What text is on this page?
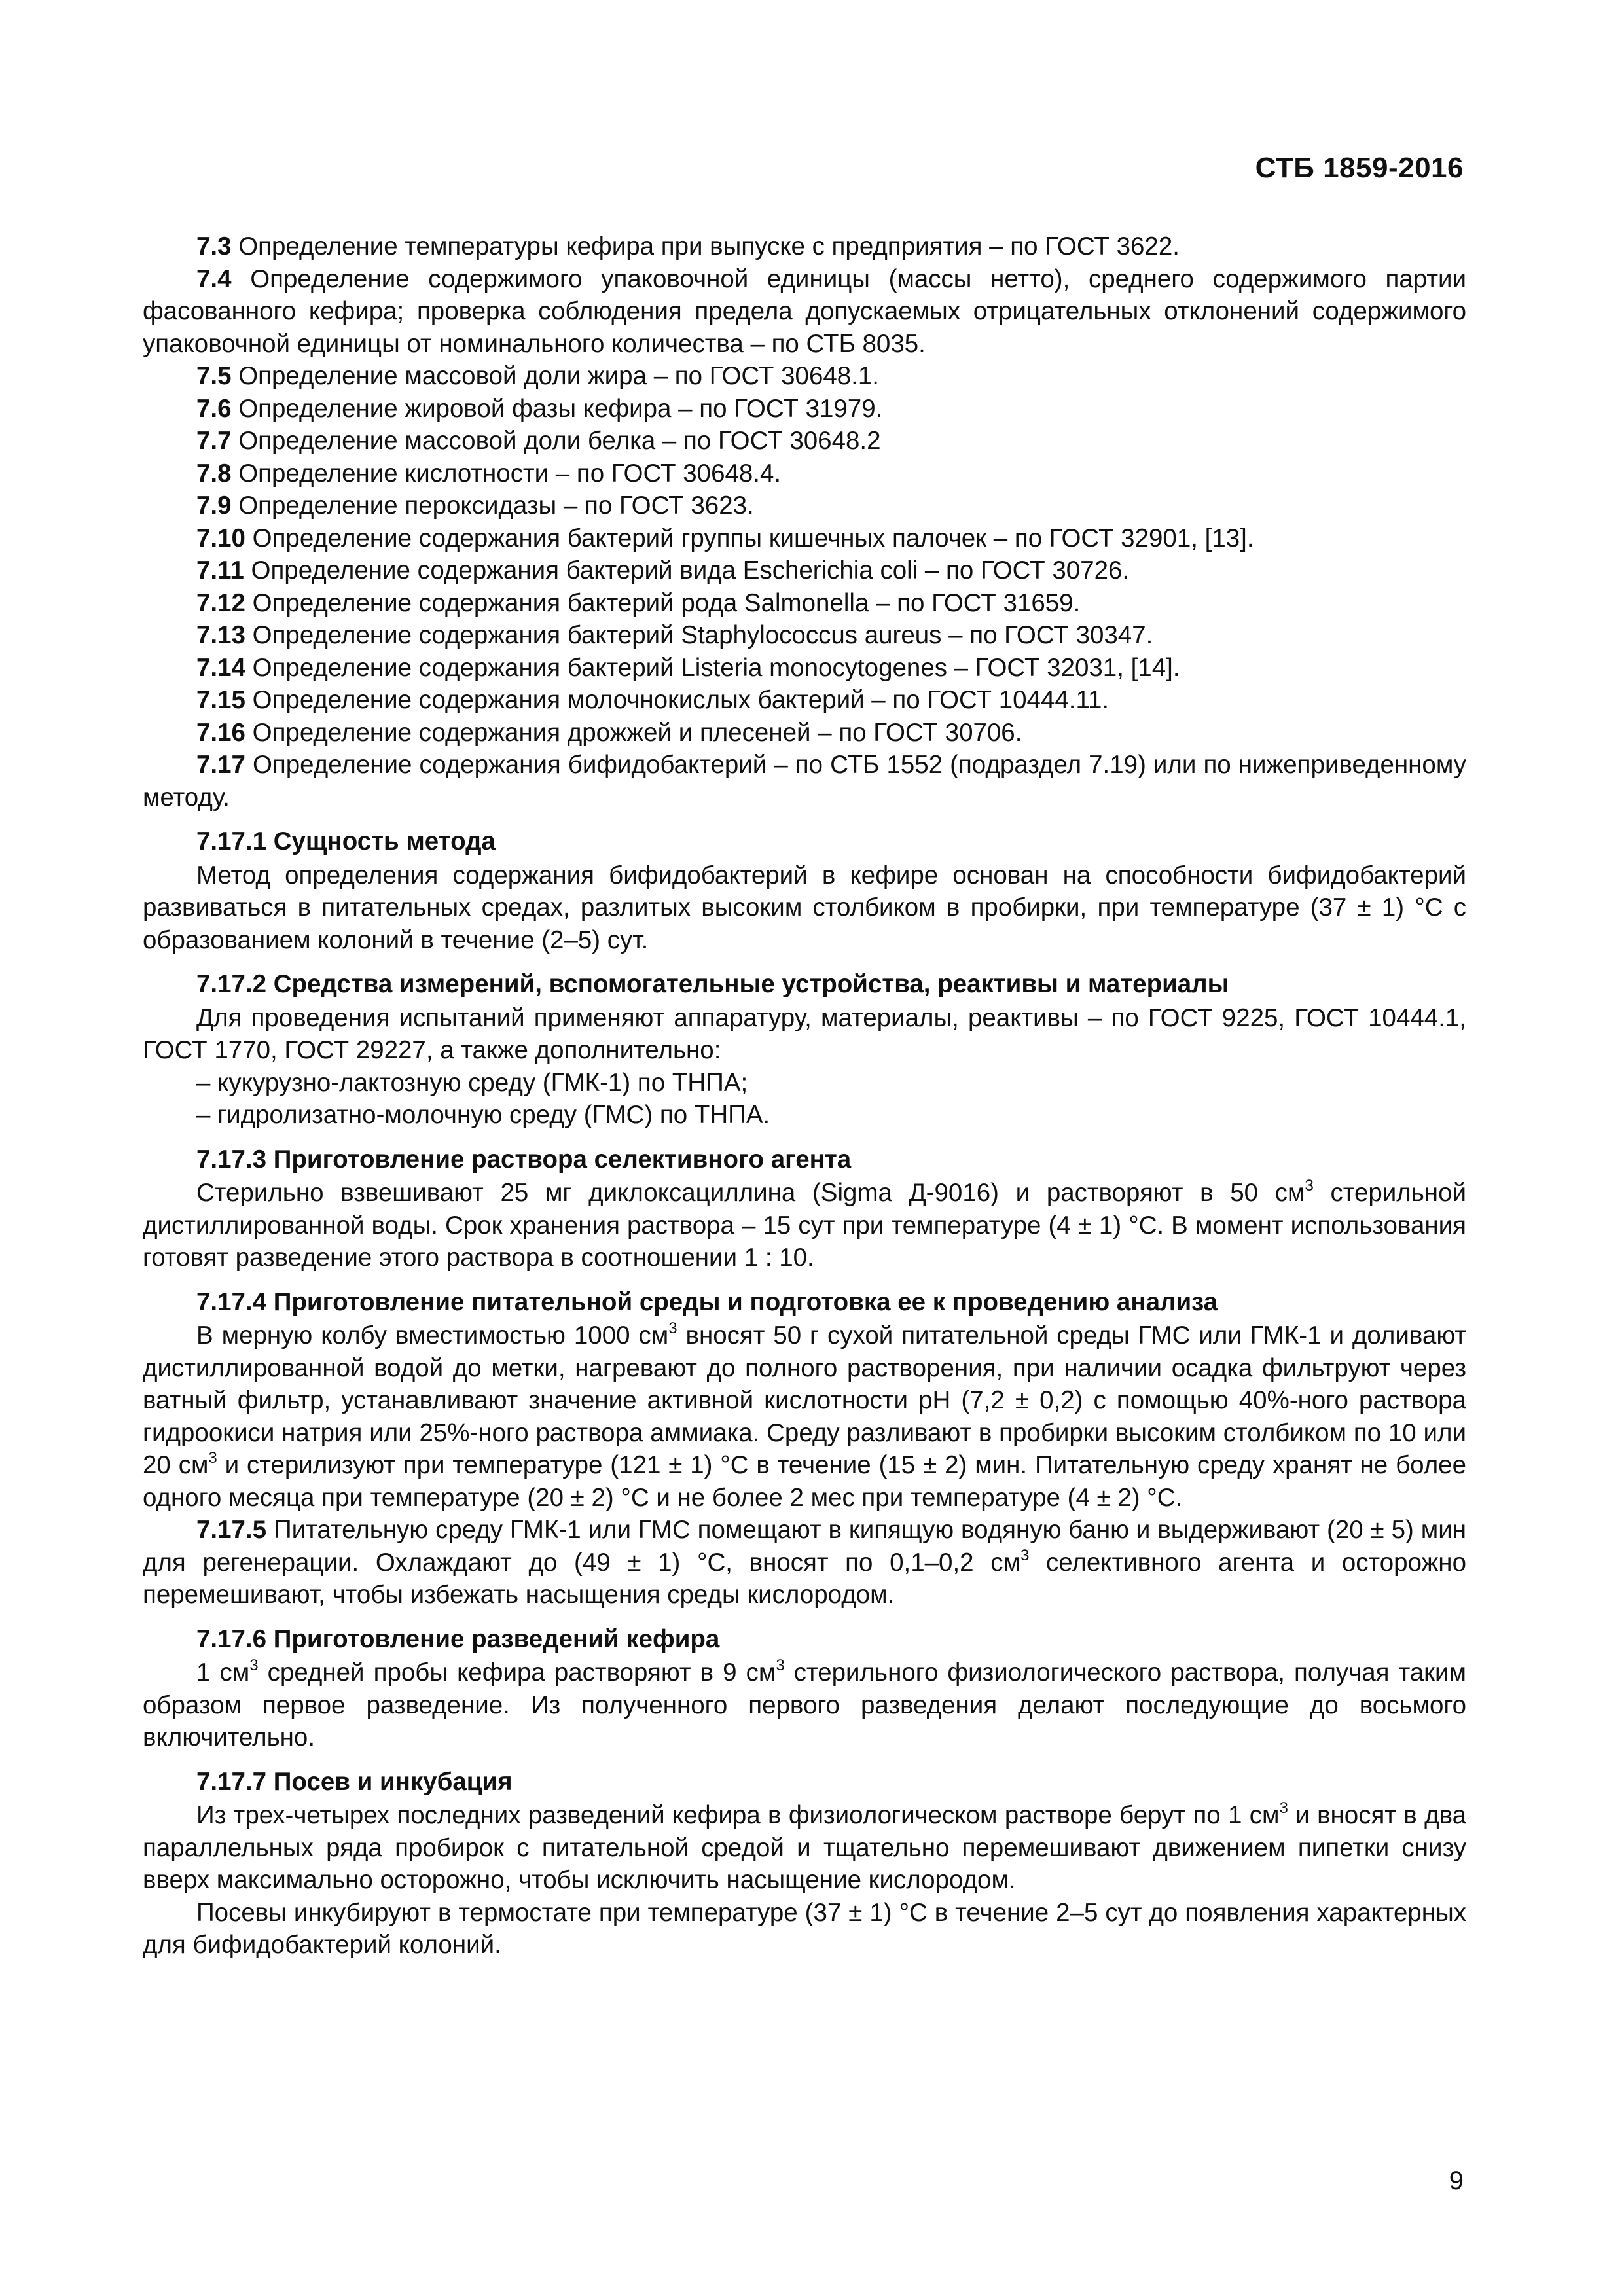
СТБ 1859-2016

7.3 Определение температуры кефира при выпуске с предприятия – по ГОСТ 3622.

7.4 Определение содержимого упаковочной единицы (массы нетто), среднего содержимого партии фасованного кефира; проверка соблюдения предела допускаемых отрицательных отклонений содержимого упаковочной единицы от номинального количества – по СТБ 8035.

7.5 Определение массовой доли жира – по ГОСТ 30648.1.

7.6 Определение жировой фазы кефира – по ГОСТ 31979.

7.7 Определение массовой доли белка – по ГОСТ 30648.2

7.8 Определение кислотности – по ГОСТ 30648.4.

7.9 Определение пероксидазы – по ГОСТ 3623.

7.10 Определение содержания бактерий группы кишечных палочек – по ГОСТ 32901, [13].

7.11 Определение содержания бактерий вида Escherichia coli – по ГОСТ 30726.

7.12 Определение содержания бактерий рода Salmonella – по ГОСТ 31659.

7.13 Определение содержания бактерий Staphylococcus aureus – по ГОСТ 30347.

7.14 Определение содержания бактерий Listeria monocytogenes – ГОСТ 32031, [14].

7.15 Определение содержания молочнокислых бактерий – по ГОСТ 10444.11.

7.16 Определение содержания дрожжей и плесеней – по ГОСТ 30706.

7.17 Определение содержания бифидобактерий – по СТБ 1552 (подраздел 7.19) или по нижеприведенному методу.

7.17.1 Сущность метода

Метод определения содержания бифидобактерий в кефире основан на способности бифидобактерий развиваться в питательных средах, разлитых высоким столбиком в пробирки, при температуре (37 ± 1) °С с образованием колоний в течение (2–5) сут.

7.17.2 Средства измерений, вспомогательные устройства, реактивы и материалы

Для проведения испытаний применяют аппаратуру, материалы, реактивы – по ГОСТ 9225, ГОСТ 10444.1, ГОСТ 1770, ГОСТ 29227, а также дополнительно:

– кукурузно-лактозную среду (ГМК-1) по ТНПА;

– гидролизатно-молочную среду (ГМС) по ТНПА.

7.17.3 Приготовление раствора селективного агента

Стерильно взвешивают 25 мг диклоксациллина (Sigma Д-9016) и растворяют в 50 $см^3$ стерильной дистиллированной воды. Срок хранения раствора – 15 сут при температуре (4 ± 1) °С. В момент использования готовят разведение этого раствора в соотношении 1 : 10.

7.17.4 Приготовление питательной среды и подготовка ее к проведению анализа

В мерную колбу вместимостью 1000 $см^3$ вносят 50 г сухой питательной среды ГМС или ГМК-1 и доливают дистиллированной водой до метки, нагревают до полного растворения, при наличии осадка фильтруют через ватный фильтр, устанавливают значение активной кислотности pH (7,2 ± 0,2) с помощью 40%-ного раствора гидроокиси натрия или 25%-ного раствора аммиака. Среду разливают в пробирки высоким столбиком по 10 или 20 $см^3$ и стерилизуют при температуре (121 ± 1) °С в течение (15 ± 2) мин. Питательную среду хранят не более одного месяца при температуре (20 ± 2) °С и не более 2 мес при температуре (4 ± 2) °С.

7.17.5 Питательную среду ГМК-1 или ГМС помещают в кипящую водяную баню и выдерживают (20 ± 5) мин для регенерации. Охлаждают до (49 ± 1) °С, вносят по 0,1–0,2 $см^3$ селективного агента и осторожно перемешивают, чтобы избежать насыщения среды кислородом.

7.17.6 Приготовление разведений кефира

1 $см^3$ средней пробы кефира растворяют в 9 $см^3$ стерильного физиологического раствора, получая таким образом первое разведение. Из полученного первого разведения делают последующие до восьмого включительно.

7.17.7 Посев и инкубация

Из трех-четырех последних разведений кефира в физиологическом растворе берут по 1 $см^3$ и вносят в два параллельных ряда пробирок с питательной средой и тщательно перемешивают движением пипетки снизу вверх максимально осторожно, чтобы исключить насыщение кислородом.

Посевы инкубируют в термостате при температуре (37 ± 1) °С в течение 2–5 сут до появления характерных для бифидобактерий колоний.

9
